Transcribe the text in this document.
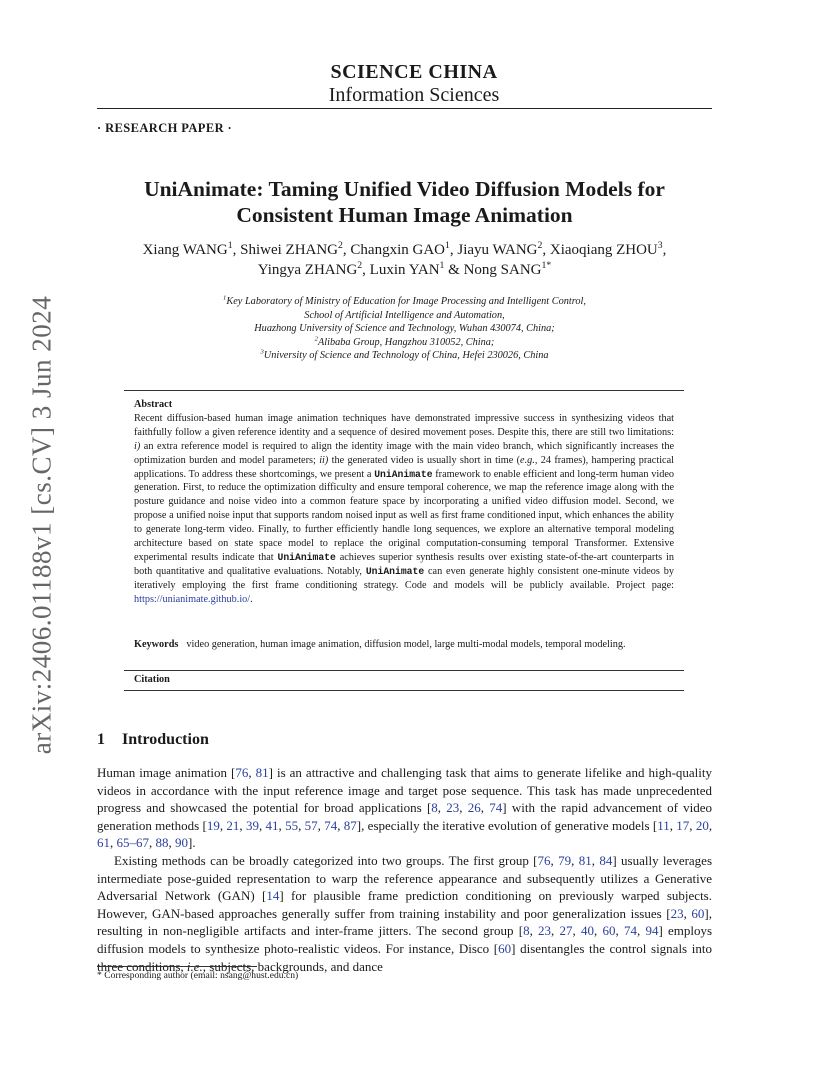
arXiv:2406.01188v1 [cs.CV] 3 Jun 2024
SCIENCE CHINA
Information Sciences
· RESEARCH PAPER ·
UniAnimate: Taming Unified Video Diffusion Models for Consistent Human Image Animation
Xiang WANG$^1$, Shiwei ZHANG$^2$, Changxin GAO$^1$, Jiayu WANG$^2$, Xiaoqiang ZHOU$^3$,
Yingya ZHANG$^2$, Luxin YAN$^1$ & Nong $SANG^{1*}$
$^1$Key Laboratory of Ministry of Education for Image Processing and Intelligent Control,
School of Artificial Intelligence and Automation,
Huazhong University of Science and Technology, Wuhan 430074, China;
$^2$Alibaba Group, Hangzhou 310052, China;
$^3$University of Science and Technology of China, Hefei 230026, China
Abstract
Recent diffusion-based human image animation techniques have demonstrated impressive success in synthesizing videos that faithfully follow a given reference identity and a sequence of desired movement poses. Despite this, there are still two limitations: i) an extra reference model is required to align the identity image with the main video branch, which significantly increases the optimization burden and model parameters; ii) the generated video is usually short in time (e.g., 24 frames), hampering practical applications. To address these shortcomings, we present a UniAnimate framework to enable efficient and long-term human video generation. First, to reduce the optimization difficulty and ensure temporal coherence, we map the reference image along with the posture guidance and noise video into a common feature space by incorporating a unified video diffusion model. Second, we propose a unified noise input that supports random noised input as well as first frame conditioned input, which enhances the ability to generate long-term video. Finally, to further efficiently handle long sequences, we explore an alternative temporal modeling architecture based on state space model to replace the original computation-consuming temporal Transformer. Extensive experimental results indicate that UniAnimate achieves superior synthesis results over existing state-of-the-art counterparts in both quantitative and qualitative evaluations. Notably, UniAnimate can even generate highly consistent one-minute videos by iteratively employing the first frame conditioning strategy. Code and models will be publicly available. Project page: https://unianimate.github.io/.
Keywords video generation, human image animation, diffusion model, large multi-modal models, temporal modeling.
Citation
1 Introduction

Human image animation [76, 81] is an attractive and challenging task that aims to generate lifelike and high-quality videos in accordance with the input reference image and target pose sequence. This task has made unprecedented progress and showcased the potential for broad applications [8, 23, 26, 74] with the rapid advancement of video generation methods [19, 21, 39, 41, 55, 57, 74, 87], especially the iterative evolution of generative models [11, 17, 20, 61, 65–67, 88, 90].

Existing methods can be broadly categorized into two groups. The first group [76, 79, 81, 84] usually leverages intermediate pose-guided representation to warp the reference appearance and subsequently utilizes a Generative Adversarial Network (GAN) [14] for plausible frame prediction conditioning on previously warped subjects. However, GAN-based approaches generally suffer from training instability and poor generalization issues [23, 60], resulting in non-negligible artifacts and inter-frame jitters. The second group [8, 23, 27, 40, 60, 74, 94] employs diffusion models to synthesize photo-realistic videos. For instance, Disco [60] disentangles the control signals into three conditions, i.e., subjects, backgrounds, and dance

* Corresponding author (email: nsang@hust.edu.cn)
